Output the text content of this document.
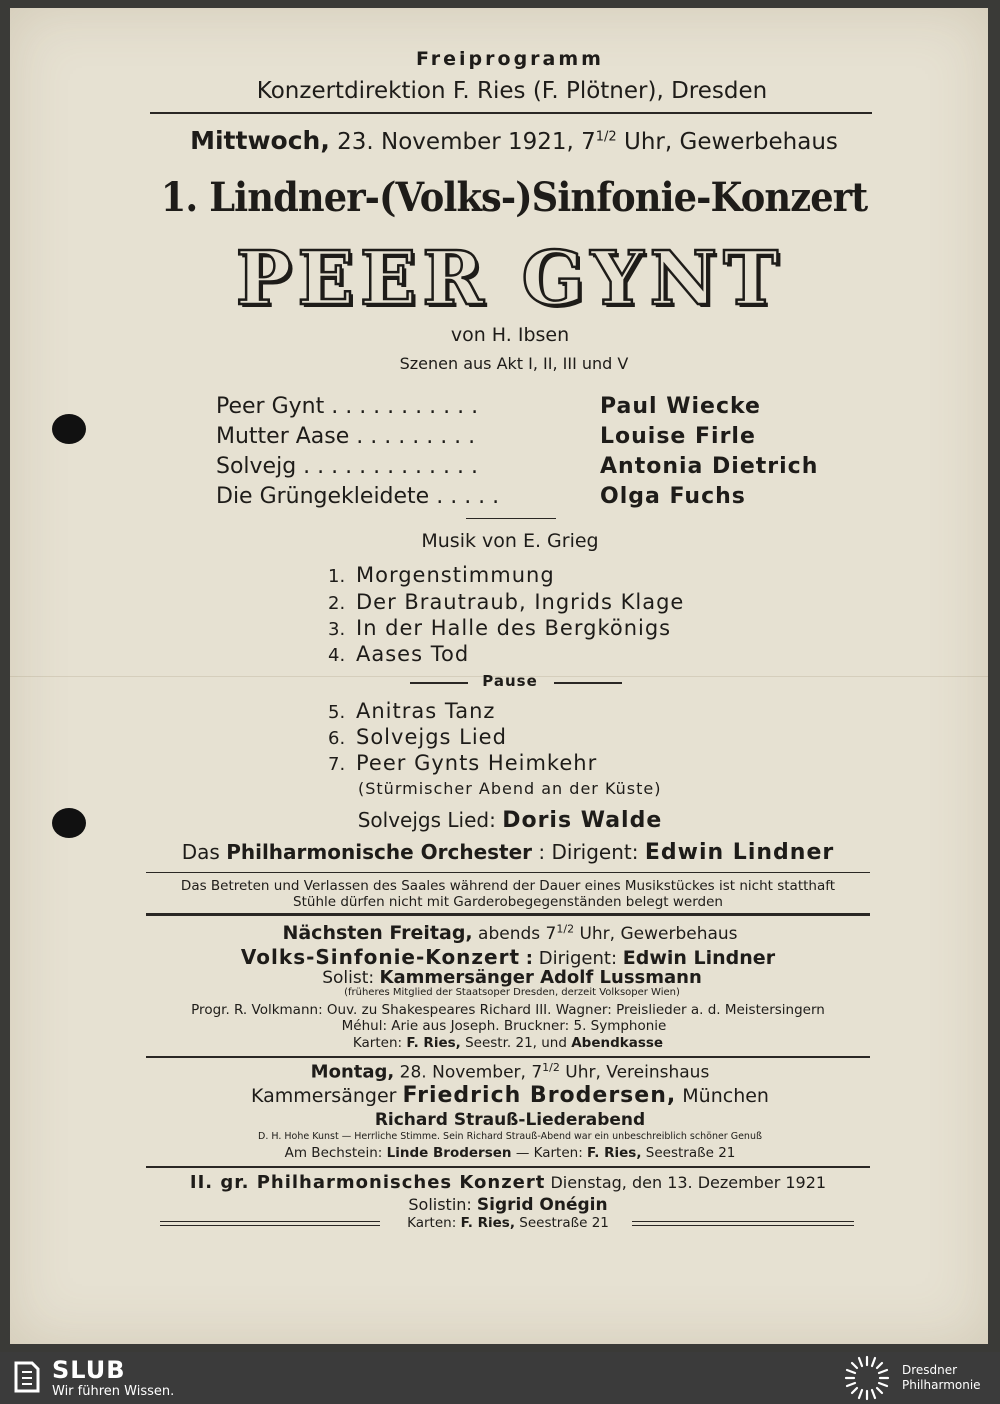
Freiprogramm
Konzertdirektion F. Ries (F. Plötner), Dresden
Mittwoch, 23. November 1921, $7^{1/2}$ Uhr, Gewerbehaus
1. Lindner-(Volks-)Sinfonie-Konzert
PEER GYNT
von H. Ibsen
Szenen aus Akt I, II, III und V
Peer Gynt . . . . . . . . . . .	Paul Wiecke
Mutter Aase . . . . . . . . .	Louise Firle
Solvejg . . . . . . . . . . . . .	Antonia Dietrich
Die Grüngekleidete . . . . .	Olga Fuchs
Musik von E. Grieg
1. Morgenstimmung
2. Der Brautraub, Ingrids Klage
3. In der Halle des Bergkönigs
4. Aases Tod
Pause
5. Anitras Tanz
6. Solvejgs Lied
7. Peer Gynts Heimkehr
(Stürmischer Abend an der Küste)
Solvejgs Lied: Doris Walde
Das Philharmonische Orchester : Dirigent: Edwin Lindner
Das Betreten und Verlassen des Saales während der Dauer eines Musikstückes ist nicht statthaft
Stühle dürfen nicht mit Garderobegegenständen belegt werden
Nächsten Freitag, abends $7^{1/2}$ Uhr, Gewerbehaus
Volks-Sinfonie-Konzert : Dirigent: Edwin Lindner
Solist: Kammersänger Adolf Lussmann
(früheres Mitglied der Staatsoper Dresden, derzeit Volksoper Wien)
Progr. R. Volkmann: Ouv. zu Shakespeares Richard III. Wagner: Preislieder a. d. Meistersingern
Méhul: Arie aus Joseph. Bruckner: 5. Symphonie
Karten: F. Ries, Seestr. 21, und Abendkasse
Montag, 28. November, $7^{1/2}$ Uhr, Vereinshaus
Kammersänger Friedrich Brodersen, München
Richard Strauß-Liederabend
D. H. Hohe Kunst — Herrliche Stimme. Sein Richard Strauß-Abend war ein unbeschreiblich schöner Genuß
Am Bechstein: Linde Brodersen — Karten: F. Ries, Seestraße 21
II. gr. Philharmonisches Konzert Dienstag, den 13. Dezember 1921
Solistin: Sigrid Onégin
Karten: F. Ries, Seestraße 21
SLUB
Wir führen Wissen.
Dresdner
Philharmonie
